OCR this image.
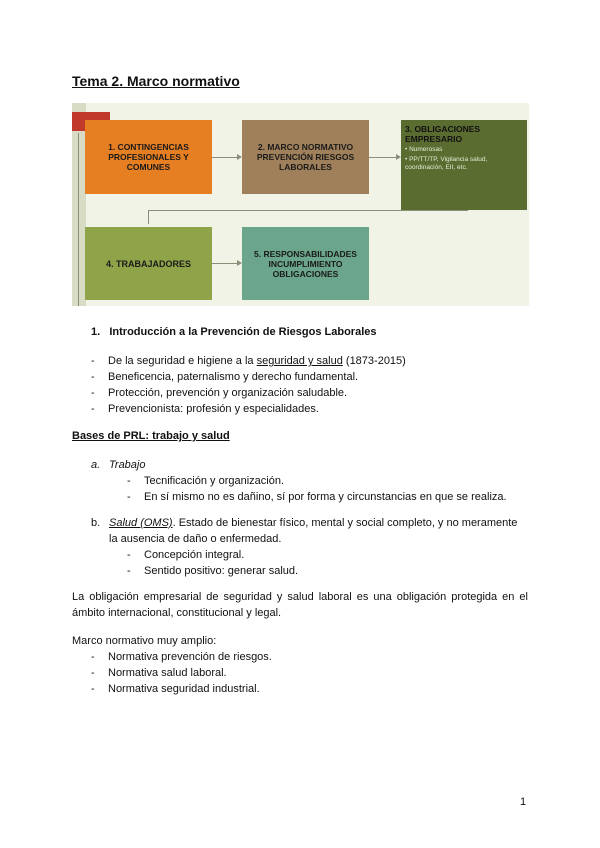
Tema 2. Marco normativo
1. CONTINGENCIAS PROFESIONALES Y COMUNES
2. MARCO NORMATIVO PREVENCIÓN RIESGOS LABORALES
3. OBLIGACIONES EMPRESARIO
• Numerosas
• PP/TT/TP, Vigilancia salud, coordinación, EII, etc.
4. TRABAJADORES
5. RESPONSABILIDADES INCUMPLIMIENTO OBLIGACIONES
1. Introducción a la Prevención de Riesgos Laborales
- De la seguridad e higiene a la seguridad y salud (1873-2015)
- Beneficencia, paternalismo y derecho fundamental.
- Protección, prevención y organización saludable.
- Prevencionista: profesión y especialidades.
Bases de PRL: trabajo y salud
a. Trabajo
- Tecnificación y organización.
- En sí mismo no es dañino, sí por forma y circunstancias en que se realiza.
b. Salud (OMS). Estado de bienestar físico, mental y social completo, y no meramente
la ausencia de daño o enfermedad.
- Concepción integral.
- Sentido positivo: generar salud.
La obligación empresarial de seguridad y salud laboral es una obligación protegida en el ámbito internacional, constitucional y legal.
Marco normativo muy amplio:
- Normativa prevención de riesgos.
- Normativa salud laboral.
- Normativa seguridad industrial.
1
